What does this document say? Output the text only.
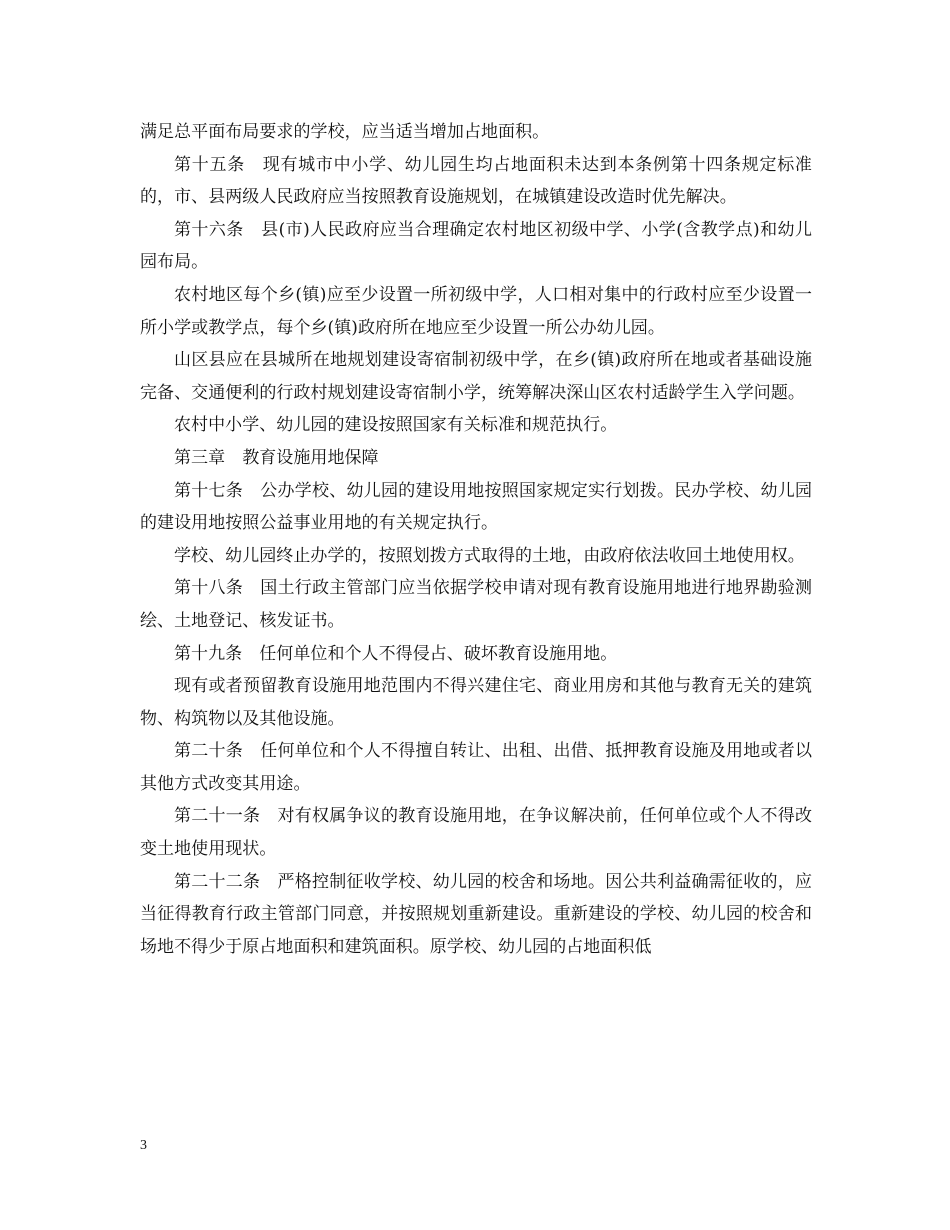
满足总平面布局要求的学校，应当适当增加占地面积。

第十五条　现有城市中小学、幼儿园生均占地面积未达到本条例第十四条规定标准的，市、县两级人民政府应当按照教育设施规划，在城镇建设改造时优先解决。

第十六条　县(市)人民政府应当合理确定农村地区初级中学、小学(含教学点)和幼儿园布局。

农村地区每个乡(镇)应至少设置一所初级中学，人口相对集中的行政村应至少设置一所小学或教学点，每个乡(镇)政府所在地应至少设置一所公办幼儿园。

山区县应在县城所在地规划建设寄宿制初级中学，在乡(镇)政府所在地或者基础设施完备、交通便利的行政村规划建设寄宿制小学，统筹解决深山区农村适龄学生入学问题。

农村中小学、幼儿园的建设按照国家有关标准和规范执行。

第三章　教育设施用地保障

第十七条　公办学校、幼儿园的建设用地按照国家规定实行划拨。民办学校、幼儿园的建设用地按照公益事业用地的有关规定执行。

学校、幼儿园终止办学的，按照划拨方式取得的土地，由政府依法收回土地使用权。

第十八条　国土行政主管部门应当依据学校申请对现有教育设施用地进行地界勘验测绘、土地登记、核发证书。

第十九条　任何单位和个人不得侵占、破坏教育设施用地。

现有或者预留教育设施用地范围内不得兴建住宅、商业用房和其他与教育无关的建筑物、构筑物以及其他设施。

第二十条　任何单位和个人不得擅自转让、出租、出借、抵押教育设施及用地或者以其他方式改变其用途。

第二十一条　对有权属争议的教育设施用地，在争议解决前，任何单位或个人不得改变土地使用现状。

第二十二条　严格控制征收学校、幼儿园的校舍和场地。因公共利益确需征收的，应当征得教育行政主管部门同意，并按照规划重新建设。重新建设的学校、幼儿园的校舍和场地不得少于原占地面积和建筑面积。原学校、幼儿园的占地面积低

3
